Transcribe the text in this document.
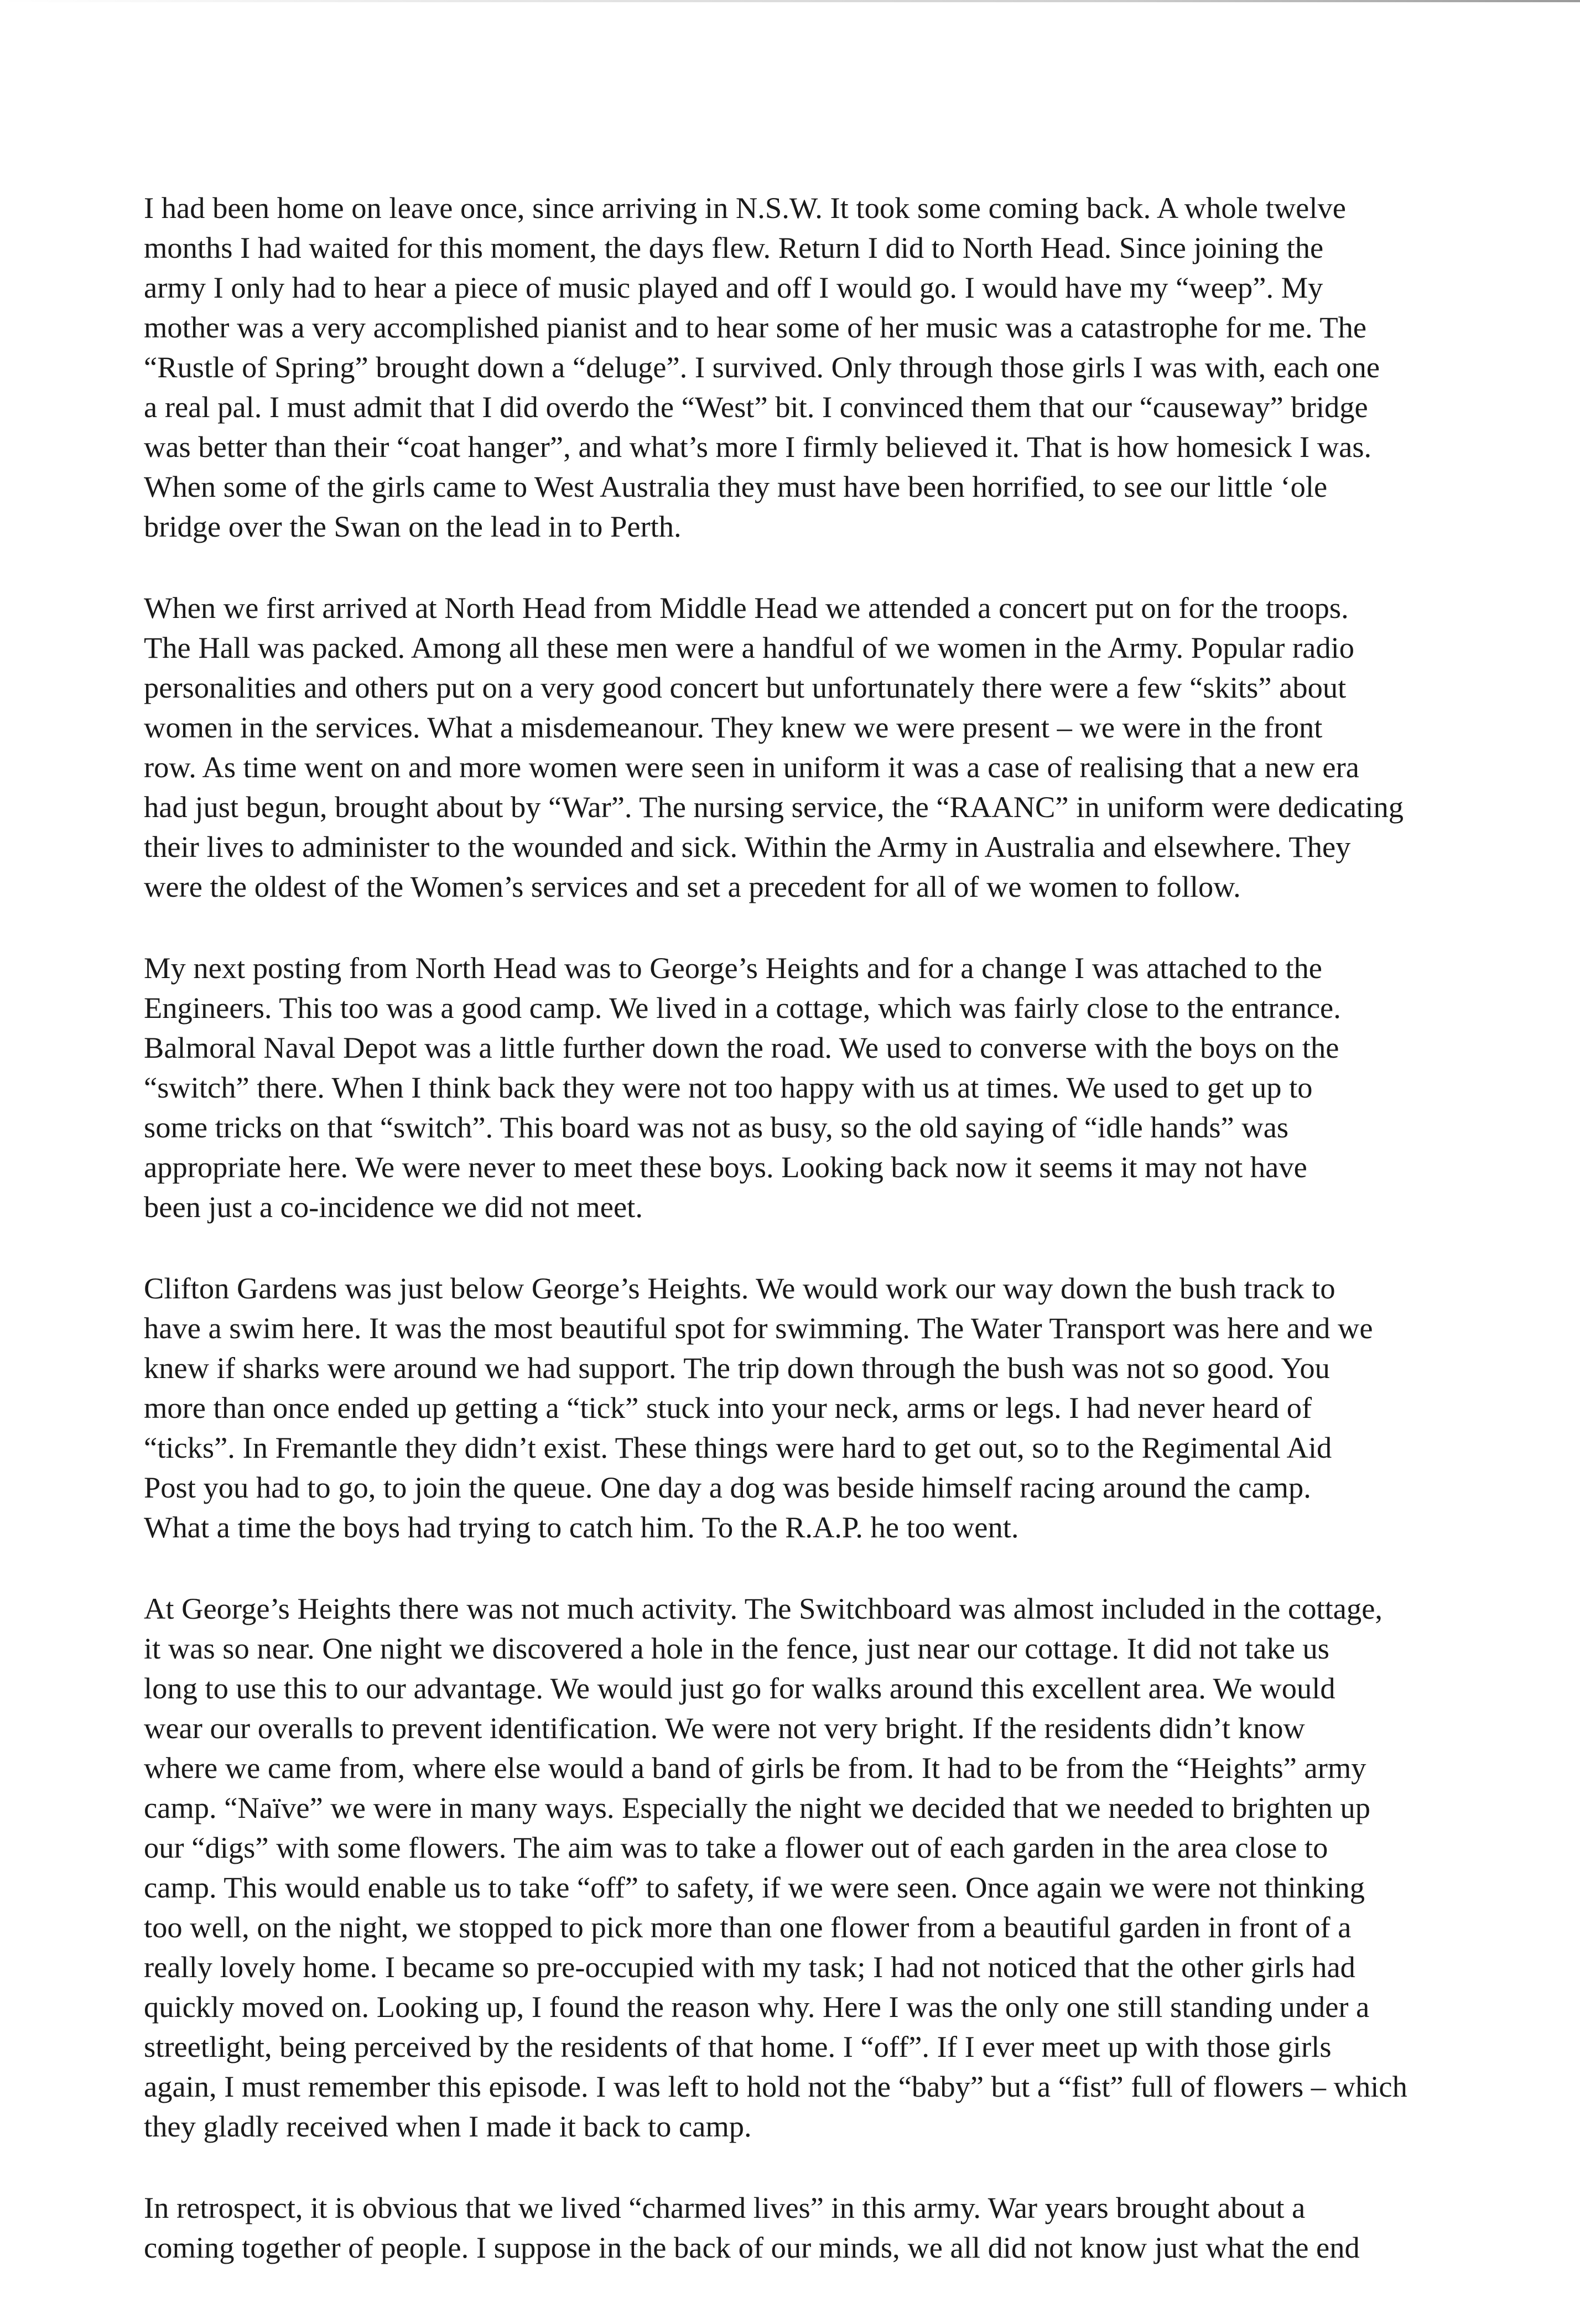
I had been home on leave once, since arriving in N.S.W. It took some coming back. A whole twelve
months I had waited for this moment, the days flew. Return I did to North Head. Since joining the
army I only had to hear a piece of music played and off I would go. I would have my “weep”. My
mother was a very accomplished pianist and to hear some of her music was a catastrophe for me. The
“Rustle of Spring” brought down a “deluge”. I survived. Only through those girls I was with, each one
a real pal. I must admit that I did overdo the “West” bit. I convinced them that our “causeway” bridge
was better than their “coat hanger”, and what’s more I firmly believed it. That is how homesick I was.
When some of the girls came to West Australia they must have been horrified, to see our little ‘ole
bridge over the Swan on the lead in to Perth.

When we first arrived at North Head from Middle Head we attended a concert put on for the troops.
The Hall was packed. Among all these men were a handful of we women in the Army. Popular radio
personalities and others put on a very good concert but unfortunately there were a few “skits” about
women in the services. What a misdemeanour. They knew we were present – we were in the front
row. As time went on and more women were seen in uniform it was a case of realising that a new era
had just begun, brought about by “War”. The nursing service, the “RAANC” in uniform were dedicating
their lives to administer to the wounded and sick. Within the Army in Australia and elsewhere. They
were the oldest of the Women’s services and set a precedent for all of we women to follow.

My next posting from North Head was to George’s Heights and for a change I was attached to the
Engineers. This too was a good camp. We lived in a cottage, which was fairly close to the entrance.
Balmoral Naval Depot was a little further down the road. We used to converse with the boys on the
“switch” there. When I think back they were not too happy with us at times. We used to get up to
some tricks on that “switch”. This board was not as busy, so the old saying of “idle hands” was
appropriate here. We were never to meet these boys. Looking back now it seems it may not have
been just a co-incidence we did not meet.

Clifton Gardens was just below George’s Heights. We would work our way down the bush track to
have a swim here. It was the most beautiful spot for swimming. The Water Transport was here and we
knew if sharks were around we had support. The trip down through the bush was not so good. You
more than once ended up getting a “tick” stuck into your neck, arms or legs. I had never heard of
“ticks”. In Fremantle they didn’t exist. These things were hard to get out, so to the Regimental Aid
Post you had to go, to join the queue. One day a dog was beside himself racing around the camp.
What a time the boys had trying to catch him. To the R.A.P. he too went.

At George’s Heights there was not much activity. The Switchboard was almost included in the cottage,
it was so near. One night we discovered a hole in the fence, just near our cottage. It did not take us
long to use this to our advantage. We would just go for walks around this excellent area. We would
wear our overalls to prevent identification. We were not very bright. If the residents didn’t know
where we came from, where else would a band of girls be from. It had to be from the “Heights” army
camp. “Naïve” we were in many ways. Especially the night we decided that we needed to brighten up
our “digs” with some flowers. The aim was to take a flower out of each garden in the area close to
camp. This would enable us to take “off” to safety, if we were seen. Once again we were not thinking
too well, on the night, we stopped to pick more than one flower from a beautiful garden in front of a
really lovely home. I became so pre-occupied with my task; I had not noticed that the other girls had
quickly moved on. Looking up, I found the reason why. Here I was the only one still standing under a
streetlight, being perceived by the residents of that home. I “off”. If I ever meet up with those girls
again, I must remember this episode. I was left to hold not the “baby” but a “fist” full of flowers – which
they gladly received when I made it back to camp.

In retrospect, it is obvious that we lived “charmed lives” in this army. War years brought about a
coming together of people. I suppose in the back of our minds, we all did not know just what the end
